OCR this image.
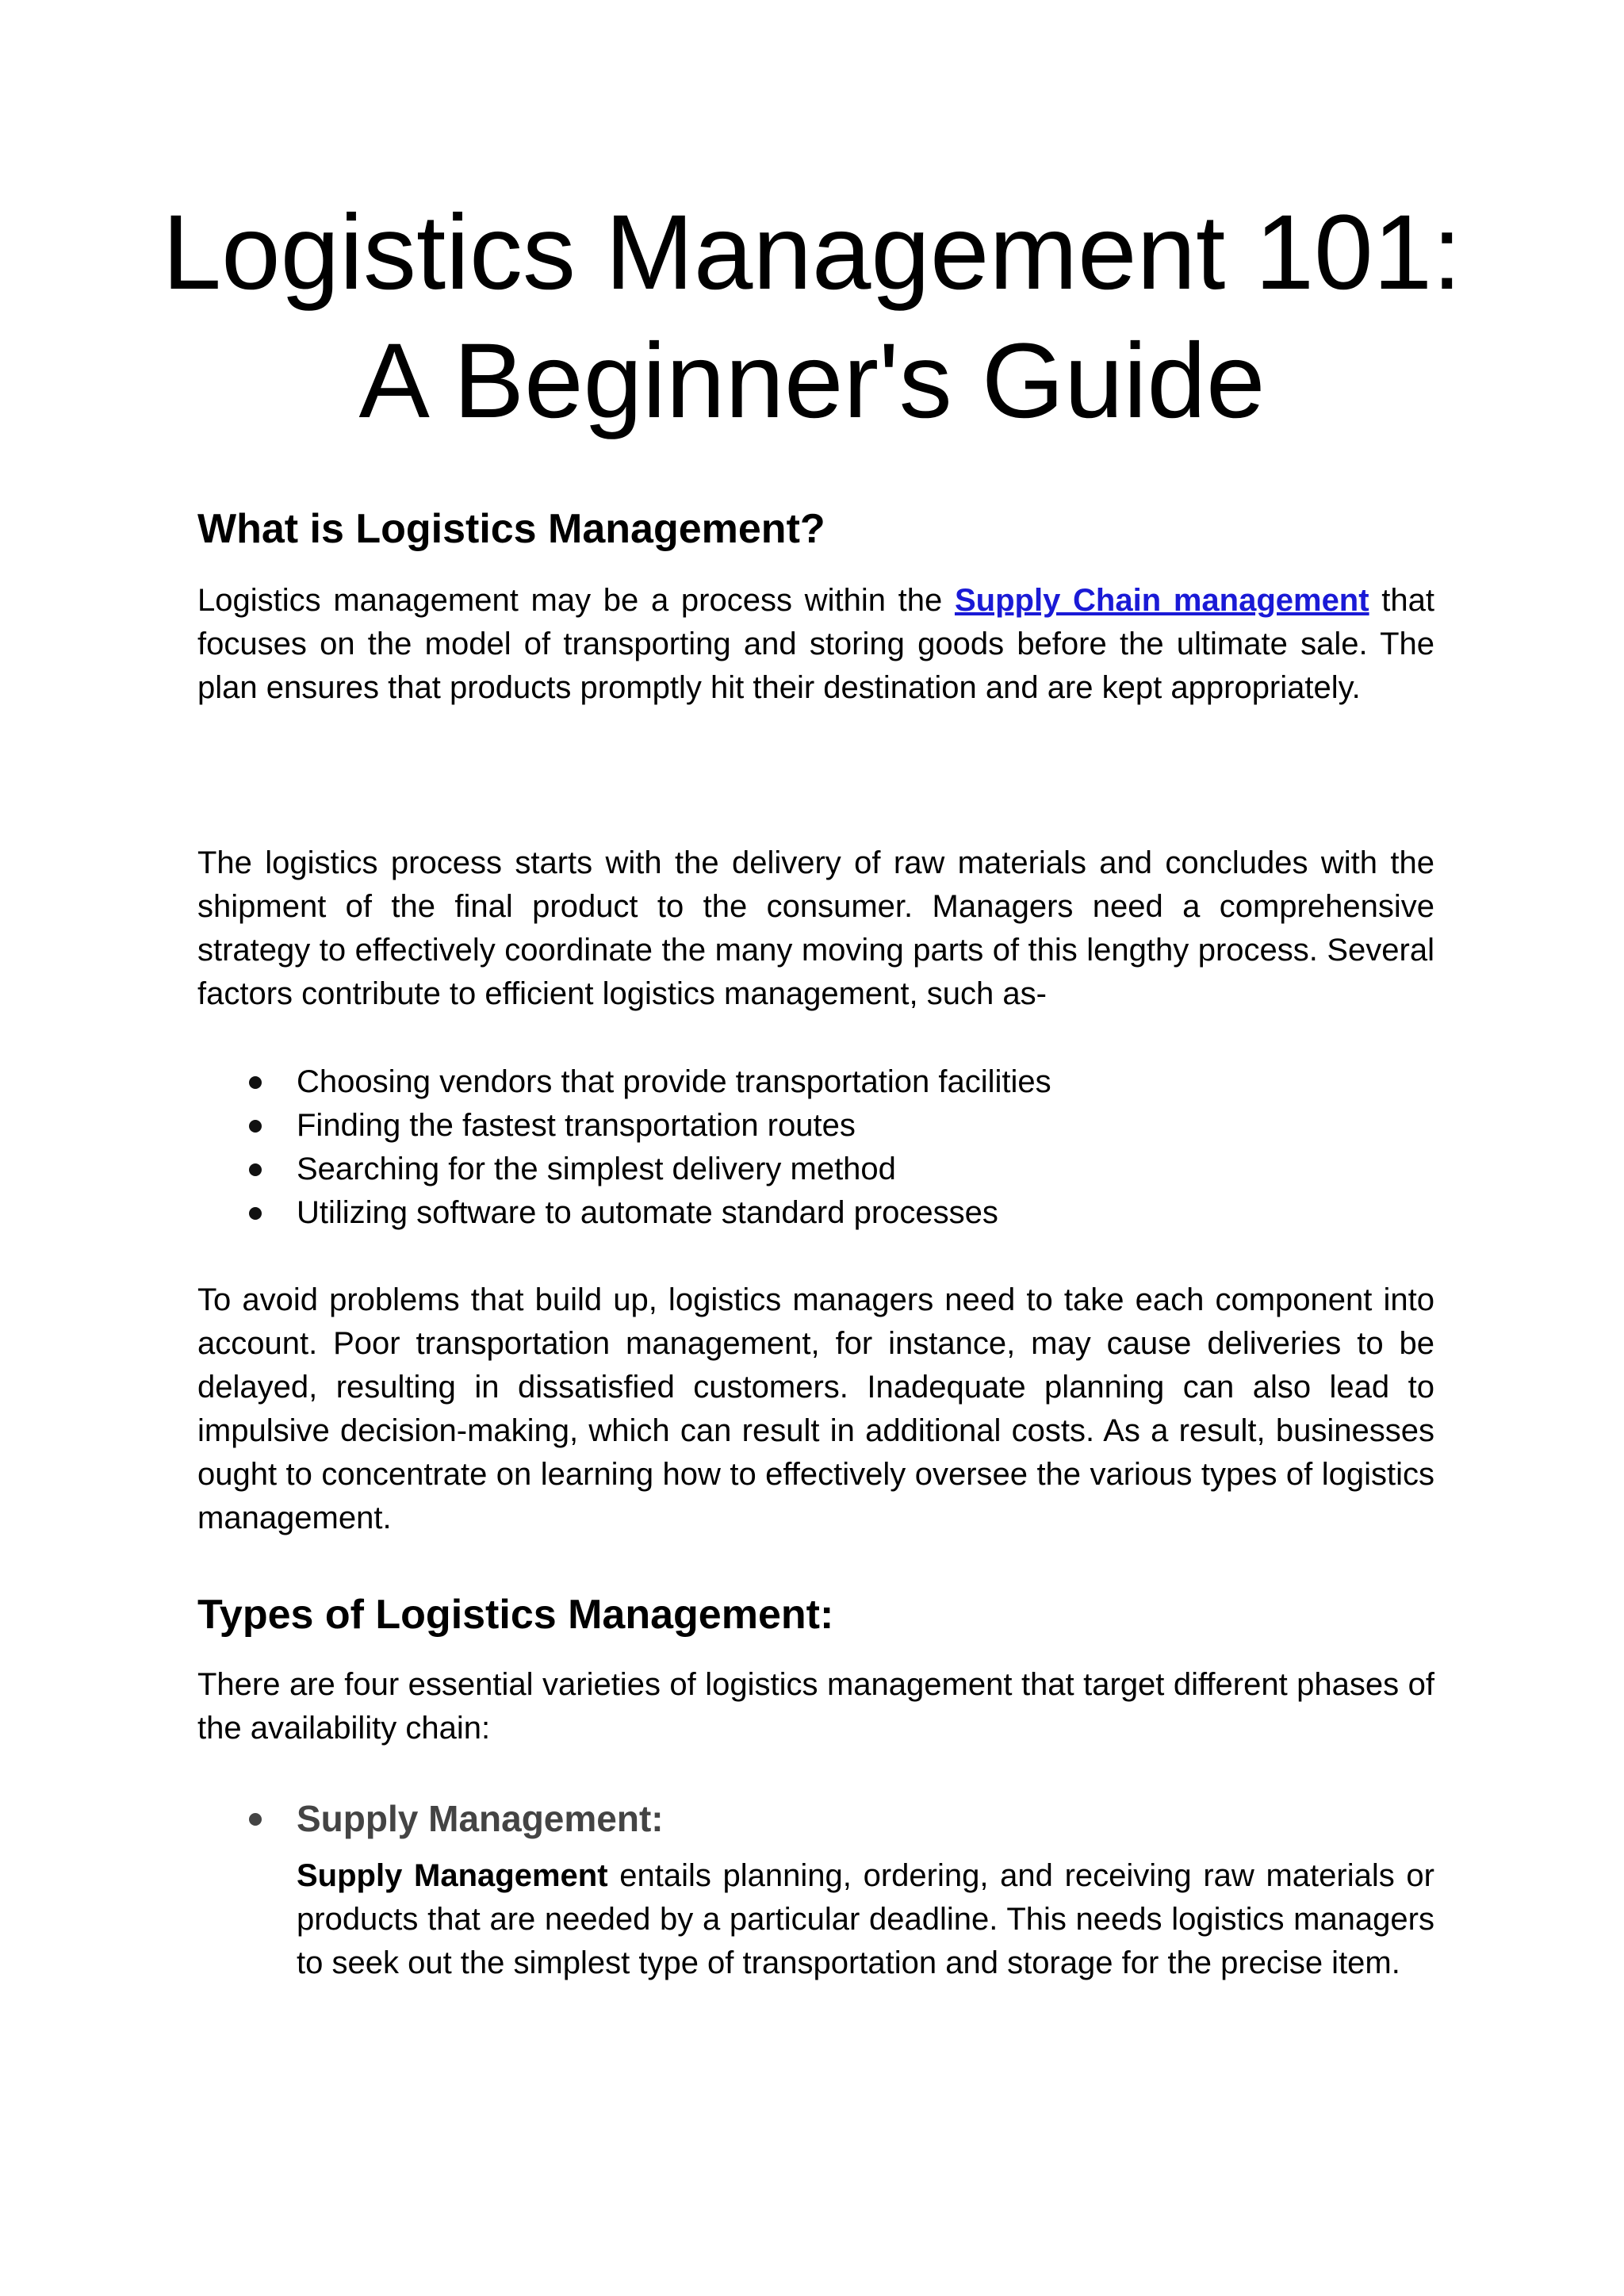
Logistics Management 101:
A Beginner's Guide
What is Logistics Management?

Logistics management may be a process within the Supply Chain management that focuses on the model of transporting and storing goods before the ultimate sale. The plan ensures that products promptly hit their destination and are kept appropriately.

The logistics process starts with the delivery of raw materials and concludes with the shipment of the final product to the consumer. Managers need a comprehensive strategy to effectively coordinate the many moving parts of this lengthy process. Several factors contribute to efficient logistics management, such as-

Choosing vendors that provide transportation facilities
Finding the fastest transportation routes
Searching for the simplest delivery method
Utilizing software to automate standard processes

To avoid problems that build up, logistics managers need to take each component into account. Poor transportation management, for instance, may cause deliveries to be delayed, resulting in dissatisfied customers. Inadequate planning can also lead to impulsive decision-making, which can result in additional costs. As a result, businesses ought to concentrate on learning how to effectively oversee the various types of logistics management.

Types of Logistics Management:

There are four essential varieties of logistics management that target different phases of the availability chain:

Supply Management:

Supply Management entails planning, ordering, and receiving raw materials or products that are needed by a particular deadline. This needs logistics managers to seek out the simplest type of transportation and storage for the precise item.
